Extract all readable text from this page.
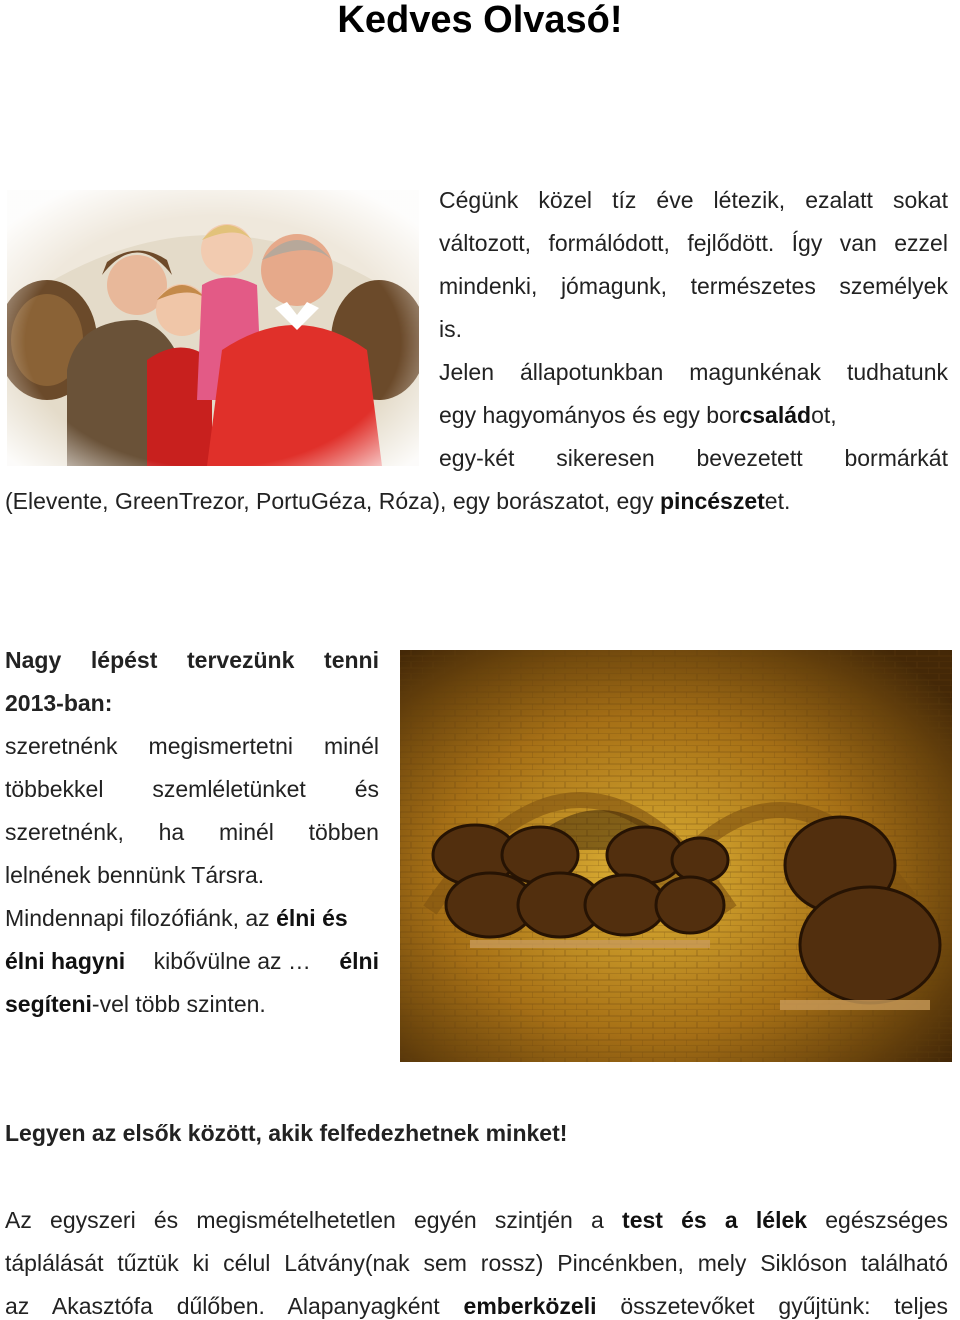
Kedves Olvasó!
Cégünk közel tíz éve létezik, ezalatt sokat
változott, formálódott, fejlődött. Így van ezzel
mindenki, jómagunk, természetes személyek
is.
Jelen állapotunkban magunkénak tudhatunk
egy hagyományos és egy borcsaládot,
egy-két sikeresen bevezetett bormárkát
(Elevente, GreenTrezor, PortuGéza, Róza), egy borászatot, egy pincészetet.
Nagy lépést tervezünk tenni
2013-ban:
szeretnénk megismertetni minél
többekkel szemléletünket és
szeretnénk, ha minél többen
lelnének bennünk Társra.
Mindennapi filozófiánk, az élni és
élni hagyni kibővülne az … élni
segíteni-vel több szinten.
Legyen az elsők között, akik felfedezhetnek minket!
Az egyszeri és megismételhetetlen egyén szintjén a test és a lélek egészséges
táplálását tűztük ki célul Látvány(nak sem rossz) Pincénkben, mely Siklóson található
az Akasztófa dűlőben. Alapanyagként emberközeli összetevőket gyűjtünk: teljes
